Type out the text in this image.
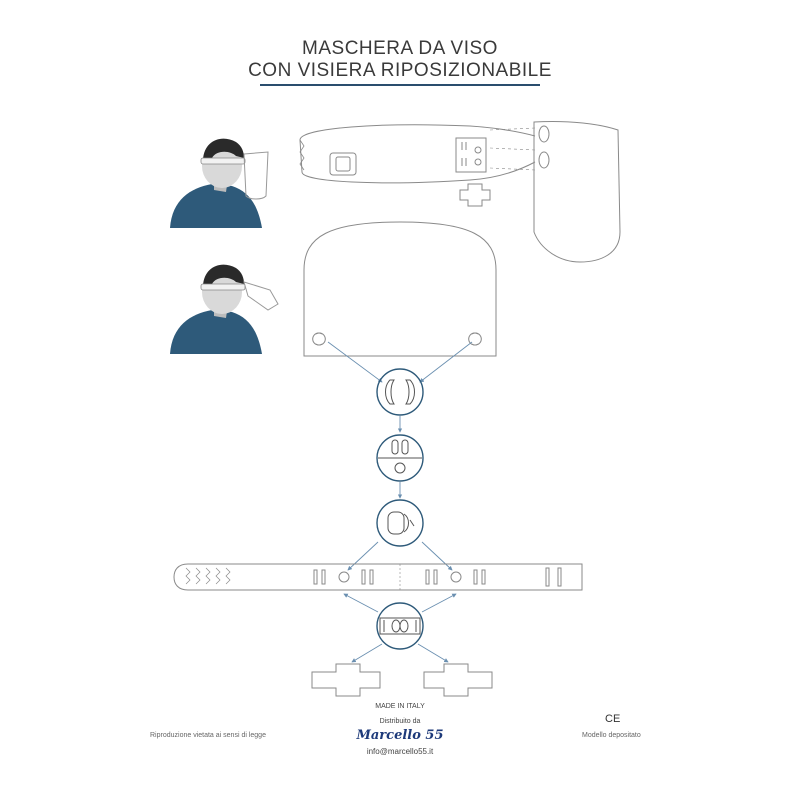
MASCHERA DA VISO
CON VISIERA RIPOSIZIONABILE
MADE IN ITALY
Distribuito da
Marcello 55
info@marcello55.it
Riproduzione vietata ai sensi di legge	Modello depositato
CE
